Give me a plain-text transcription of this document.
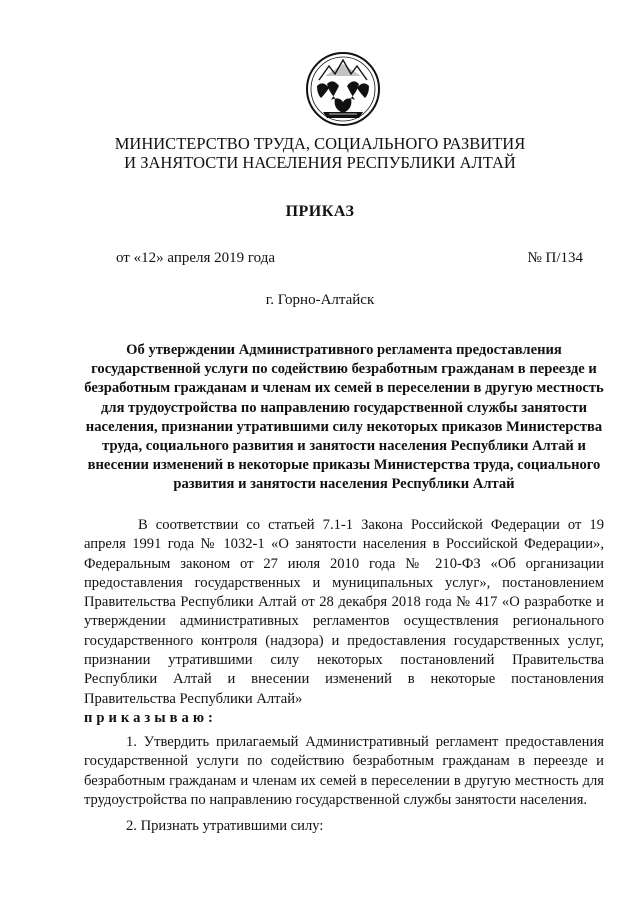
МИНИСТЕРСТВО ТРУДА, СОЦИАЛЬНОГО РАЗВИТИЯ
И ЗАНЯТОСТИ НАСЕЛЕНИЯ РЕСПУБЛИКИ АЛТАЙ
ПРИКАЗ
от «12» апреля 2019 года	№ П/134
г. Горно-Алтайск
Об утверждении Административного регламента предоставления государственной услуги по содействию безработным гражданам в переезде и безработным гражданам и членам их семей в переселении в другую местность для трудоустройства по направлению государственной службы занятости населения, признании утратившими силу некоторых приказов Министерства труда, социального развития и занятости населения Республики Алтай и внесении изменений в некоторые приказы Министерства труда, социального развития и занятости населения Республики Алтай
В соответствии со статьей 7.1-1 Закона Российской Федерации от 19 апреля 1991 года № 1032-1 «О занятости населения в Российской Федерации», Федеральным законом от 27 июля 2010 года № 210-ФЗ «Об организации предоставления государственных и муниципальных услуг», постановлением Правительства Республики Алтай от 28 декабря 2018 года № 417 «О разработке и утверждении административных регламентов осуществления регионального государственного контроля (надзора) и предоставления государственных услуг, признании утратившими силу некоторых постановлений Правительства Республики Алтай и внесении изменений в некоторые постановления Правительства Республики Алтай»
приказываю:
1. Утвердить прилагаемый Административный регламент предоставления государственной услуги по содействию безработным гражданам в переезде и безработным гражданам и членам их семей в переселении в другую местность для трудоустройства по направлению государственной службы занятости населения.
2. Признать утратившими силу:
